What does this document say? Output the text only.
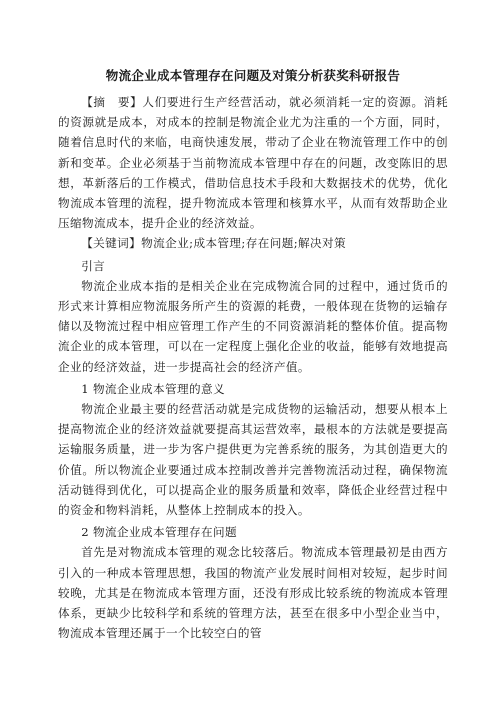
物流企业成本管理存在问题及对策分析获奖科研报告

【摘　要】人们要进行生产经营活动，就必须消耗一定的资源。消耗的资源就是成本，对成本的控制是物流企业尤为注重的一个方面，同时，随着信息时代的来临，电商快速发展，带动了企业在物流管理工作中的创新和变革。企业必须基于当前物流成本管理中存在的问题，改变陈旧的思想，革新落后的工作模式，借助信息技术手段和大数据技术的优势，优化物流成本管理的流程，提升物流成本管理和核算水平，从而有效帮助企业压缩物流成本，提升企业的经济效益。

【关键词】物流企业;成本管理;存在问题;解决对策

引言

物流企业成本指的是相关企业在完成物流合同的过程中，通过货币的形式来计算相应物流服务所产生的资源的耗费，一般体现在货物的运输存储以及物流过程中相应管理工作产生的不同资源消耗的整体价值。提高物流企业的成本管理，可以在一定程度上强化企业的收益，能够有效地提高企业的经济效益，进一步提高社会的经济产值。

1 物流企业成本管理的意义

物流企业最主要的经营活动就是完成货物的运输活动，想要从根本上提高物流企业的经济效益就要提高其运营效率，最根本的方法就是要提高运输服务质量，进一步为客户提供更为完善系统的服务，为其创造更大的价值。所以物流企业要通过成本控制改善并完善物流活动过程，确保物流活动链得到优化，可以提高企业的服务质量和效率，降低企业经营过程中的资金和物料消耗，从整体上控制成本的投入。

2 物流企业成本管理存在问题

首先是对物流成本管理的观念比较落后。物流成本管理最初是由西方引入的一种成本管理思想，我国的物流产业发展时间相对较短，起步时间较晚，尤其是在物流成本管理方面，还没有形成比较系统的物流成本管理体系，更缺少比较科学和系统的管理方法，甚至在很多中小型企业当中，物流成本管理还属于一个比较空白的管
